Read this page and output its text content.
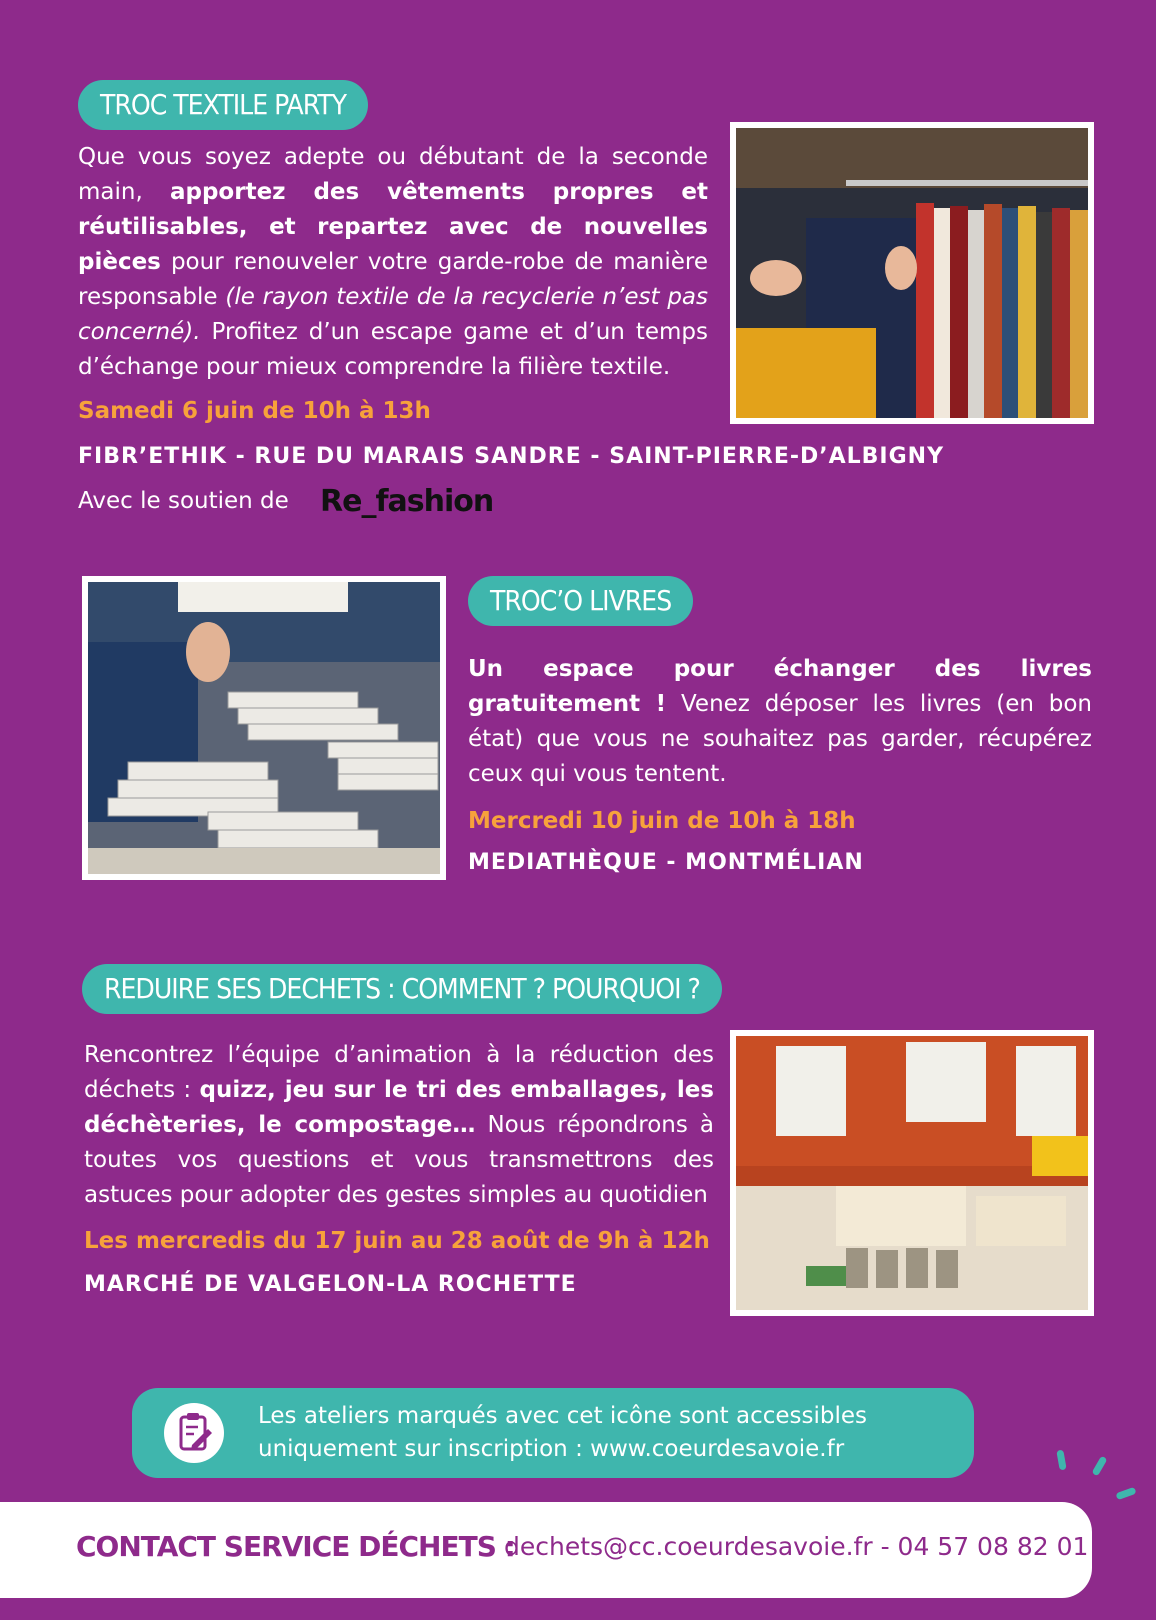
TROC TEXTILE PARTY
Que vous soyez adepte ou débutant de la seconde main, apportez des vêtements propres et réutilisables, et repartez avec de nouvelles pièces pour renouveler votre garde-robe de manière responsable (le rayon textile de la recyclerie n’est pas concerné). Profitez d’un escape game et d’un temps d’échange pour mieux comprendre la filière textile.
Samedi 6 juin de 10h à 13h
FIBR’ETHIK - RUE DU MARAIS SANDRE - SAINT-PIERRE-D’ALBIGNY
Avec le soutien de Re_fashion
TROC’O LIVRES
Un espace pour échanger des livres gratuitement ! Venez déposer les livres (en bon état) que vous ne souhaitez pas garder, récupérez ceux qui vous tentent.
Mercredi 10 juin de 10h à 18h
MEDIATHÈQUE - MONTMÉLIAN
REDUIRE SES DECHETS : COMMENT ? POURQUOI ?
Rencontrez l’équipe d’animation à la réduction des déchets : quizz, jeu sur le tri des emballages, les déchèteries, le compostage… Nous répondrons à toutes vos questions et vous transmettrons des astuces pour adopter des gestes simples au quotidien
Les mercredis du 17 juin au 28 août de 9h à 12h
MARCHÉ DE VALGELON-LA ROCHETTE
Les ateliers marqués avec cet icône sont accessibles
uniquement sur inscription : www.coeurdesavoie.fr
CONTACT SERVICE DÉCHETS :
dechets@cc.coeurdesavoie.fr - 04 57 08 82 01
